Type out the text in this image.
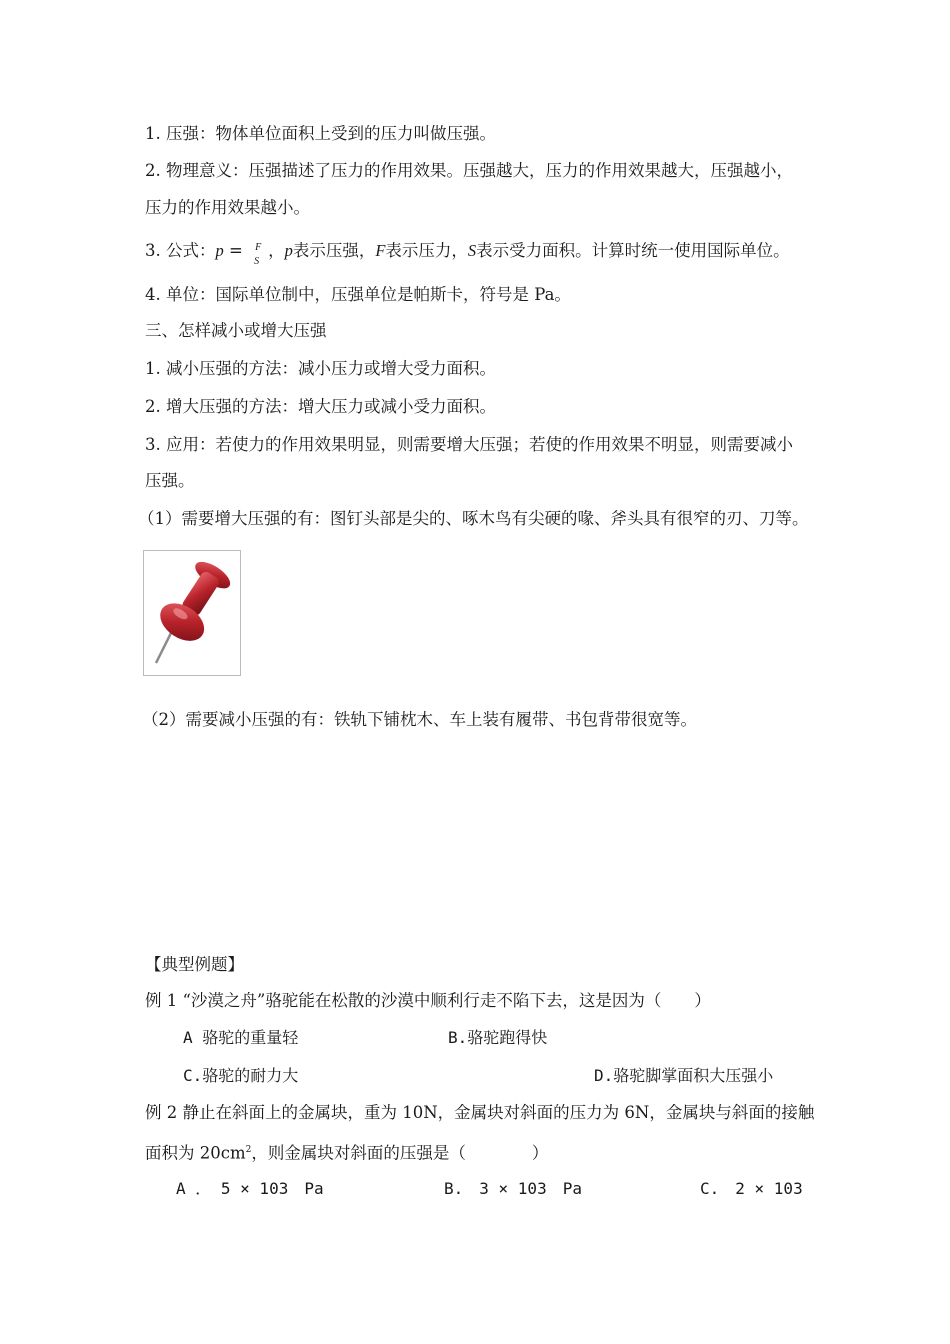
1. 压强：物体单位面积上受到的压力叫做压强。
2. 物理意义：压强描述了压力的作用效果。压强越大，压力的作用效果越大，压强越小，
压力的作用效果越小。
3. 公式：p = F
S
，p表示压强，F表示压力，S表示受力面积。计算时统一使用国际单位。
4. 单位：国际单位制中，压强单位是帕斯卡，符号是 Pa。
三、怎样减小或增大压强
1. 减小压强的方法：减小压力或增大受力面积。
2. 增大压强的方法：增大压力或减小受力面积。
3. 应用：若使力的作用效果明显，则需要增大压强；若使的作用效果不明显，则需要减小
压强。
（1）需要增大压强的有：图钉头部是尖的、啄木鸟有尖硬的喙、斧头具有很窄的刃、刀等。
（2）需要减小压强的有：铁轨下铺枕木、车上装有履带、书包背带很宽等。
【典型例题】
例 1 “沙漠之舟”骆驼能在松散的沙漠中顺利行走不陷下去，这是因为（　　）
A 骆驼的重量轻	B.骆驼跑得快
C.骆驼的耐力大	D.骆驼脚掌面积大压强小
例 2 静止在斜面上的金属块，重为 10N，金属块对斜面的压力为 6N，金属块与斜面的接触
面积为 $20cm^2$，则金属块对斜面的压强是（　　　　）
A ． 5 × 103　Pa	B.　3 × 103　Pa	C.　2 × 103
